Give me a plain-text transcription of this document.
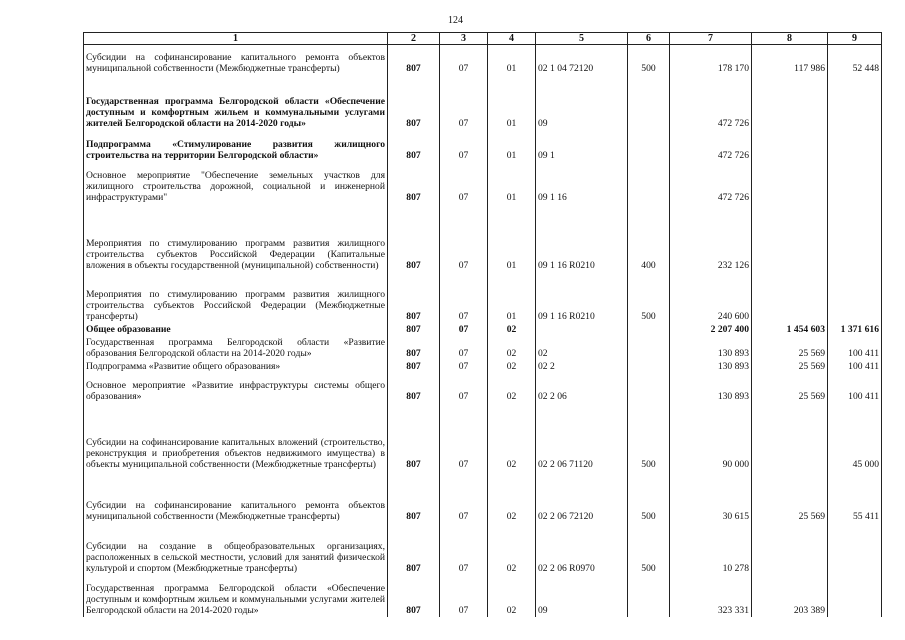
124
1	2	3	4	5	6	7	8	9
Субсидии на софинансирование капитального ремонта объектов муниципальной собственности (Межбюджетные трансферты)	807	07	01	02 1 04 72120	500	178 170	117 986	52 448
Государственная программа Белгородской области «Обеспечение доступным и комфортным жильем и коммунальными услугами жителей Белгородской области на 2014-2020 годы»	807	07	01	09		472 726		
Подпрограмма «Стимулирование развития жилищного строительства на территории Белгородской области»	807	07	01	09 1		472 726		
Основное мероприятие "Обеспечение земельных участков для жилищного строительства дорожной, социальной и инженерной инфраструктурами"	807	07	01	09 1 16		472 726		
Мероприятия по стимулированию программ развития жилищного строительства субъектов Российской Федерации (Капитальные вложения в объекты государственной (муниципальной) собственности)	807	07	01	09 1 16 R0210	400	232 126		
Мероприятия по стимулированию программ развития жилищного строительства субъектов Российской Федерации (Межбюджетные трансферты)	807	07	01	09 1 16 R0210	500	240 600		
Общее образование	807	07	02			2 207 400	1 454 603	1 371 616
Государственная программа Белгородской области «Развитие образования Белгородской области на 2014-2020 годы»	807	07	02	02		130 893	25 569	100 411
Подпрограмма «Развитие общего образования»	807	07	02	02 2		130 893	25 569	100 411
Основное мероприятие «Развитие инфраструктуры системы общего образования»	807	07	02	02 2 06		130 893	25 569	100 411
Субсидии на софинансирование капитальных вложений (строительство, реконструкция и приобретения объектов недвижимого имущества) в объекты муниципальной собственности (Межбюджетные трансферты)	807	07	02	02 2 06 71120	500	90 000		45 000
Субсидии на софинансирование капитального ремонта объектов муниципальной собственности (Межбюджетные трансферты)	807	07	02	02 2 06 72120	500	30 615	25 569	55 411
Субсидии на создание в общеобразовательных организациях, расположенных в сельской местности, условий для занятий физической культурой и спортом (Межбюджетные трансферты)	807	07	02	02 2 06 R0970	500	10 278		
Государственная программа Белгородской области «Обеспечение доступным и комфортным жильем и коммунальными услугами жителей Белгородской области на 2014-2020 годы»	807	07	02	09		323 331	203 389	
